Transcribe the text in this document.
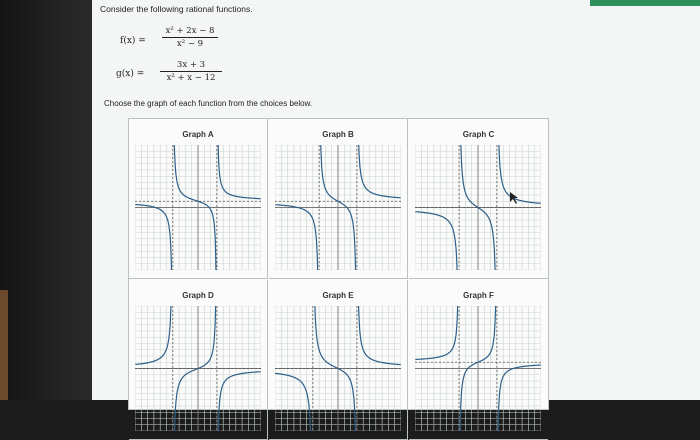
Consider the following rational functions.
f(x) =
x² + 2x − 8
x² − 9
g(x) =
3x + 3
x² + x − 12
Choose the graph of each function from the choices below.
Graph A	Graph B	Graph C
Graph D	Graph E	Graph F
